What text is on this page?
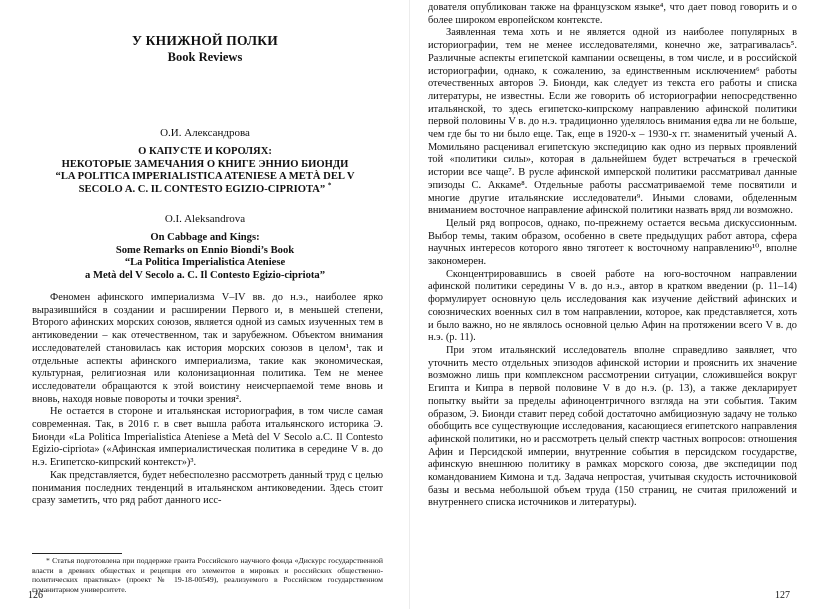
У КНИЖНОЙ ПОЛКИ
Book Reviews
О.И. Александрова
О КАПУСТЕ И КОРОЛЯХ:
НЕКОТОРЫЕ ЗАМЕЧАНИЯ О КНИГЕ ЭННИО БИОНДИ
“LA POLITICA IMPERIALISTICA ATENIESE A METÀ DEL V
SECOLO A. C. IL CONTESTO EGIZIO-CIPRIOTA” *
O.I. Aleksandrova
On Cabbage and Kings:
Some Remarks on Ennio Biondi’s Book
“La Politica Imperialistica Ateniese
a Metà del V Secolo a. C. Il Contesto Egizio-cipriota”

Феномен афинского империализма V–IV вв. до н.э., наиболее ярко выразившийся в создании и расширении Первого и, в меньшей степени, Второго афинских морских союзов, является одной из самых изученных тем в антиковедении – как отечественном, так и зарубежном. Объектом внимания исследователей становилась как история морских союзов в целом¹, так и отдельные аспекты афинского империализма, такие как экономическая, культурная, религиозная или колонизационная политика. Тем не менее исследователи обращаются к этой воистину неисчерпаемой теме вновь и вновь, находя новые повороты и точки зрения².

Не остается в стороне и итальянская историография, в том числе самая современная. Так, в 2016 г. в свет вышла работа итальянского историка Э. Бионди «La Politica Imperialistica Ateniese a Metà del V Secolo a.C. Il Contesto Egizio-cipriota» («Афинская империалистическая политика в середине V в. до н.э. Египетско-кипрский контекст»)³.

Как представляется, будет небесполезно рассмотреть данный труд с целью понимания последних тенденций в итальянском антиковедении. Здесь стоит сразу заметить, что ряд работ данного исс-

* Статья подготовлена при поддержке гранта Российского научного фонда «Дискурс государственной власти в древних обществах и рецепция его элементов в мировых и российских общественно-политических практиках» (проект № 19-18-00549), реализуемого в Российском государственном гуманитарном университете.

126

дователя опубликован также на французском языке⁴, что дает повод говорить и о более широком европейском контексте.

Заявленная тема хоть и не является одной из наиболее популярных в историографии, тем не менее исследователями, конечно же, затрагивалась⁵. Различные аспекты египетской кампании освещены, в том числе, и в российской историографии, однако, к сожалению, за единственным исключением⁶ работы отечественных авторов Э. Бионди, как следует из текста его работы и списка литературы, не известны. Если же говорить об историографии непосредственно итальянской, то здесь египетско-кипрскому направлению афинской политики первой половины V в. до н.э. традиционно уделялось внимания едва ли не больше, чем где бы то ни было еще. Так, еще в 1920-х – 1930-х гг. знаменитый ученый А. Момильяно расценивал египетскую экспедицию как одно из первых проявлений той «политики силы», которая в дальнейшем будет встречаться в греческой истории все чаще⁷. В русле афинской имперской политики рассматривал данные эпизоды С. Аккаме⁸. Отдельные работы рассматриваемой теме посвятили и многие другие итальянские исследователи⁹. Иными словами, обделенным вниманием восточное направление афинской политики назвать вряд ли возможно.

Целый ряд вопросов, однако, по-прежнему остается весьма дискуссионным. Выбор темы, таким образом, особенно в свете предыдущих работ автора, сфера научных интересов которого явно тяготеет к восточному направлению¹⁰, вполне закономерен.

Сконцентрировавшись в своей работе на юго-восточном направлении афинской политики середины V в. до н.э., автор в кратком введении (р. 11–14) формулирует основную цель исследования как изучение действий афинских и союзнических военных сил в том направлении, которое, как представляется, хоть и было важно, но не являлось основной целью Афин на протяжении всего V в. до н.э. (р. 11).

При этом итальянский исследователь вполне справедливо заявляет, что уточнить место отдельных эпизодов афинской истории и прояснить их значение возможно лишь при комплексном рассмотрении ситуации, сложившейся вокруг Египта и Кипра в первой половине V в до н.э. (р. 13), а также декларирует попытку выйти за пределы афиноцентричного взгляда на эти события. Таким образом, Э. Бионди ставит перед собой достаточно амбициозную задачу не только обобщить все существующие исследования, касающиеся египетского направления афинской политики, но и рассмотреть целый спектр частных вопросов: отношения Афин и Персидской империи, внутренние события в персидском государстве, афинскую внешнюю политику в рамках морского союза, две экспедиции под командованием Кимона и т.д. Задача непростая, учитывая скудость источниковой базы и весьма небольшой объем труда (150 страниц, не считая приложений и внутреннего списка источников и литературы).

127
